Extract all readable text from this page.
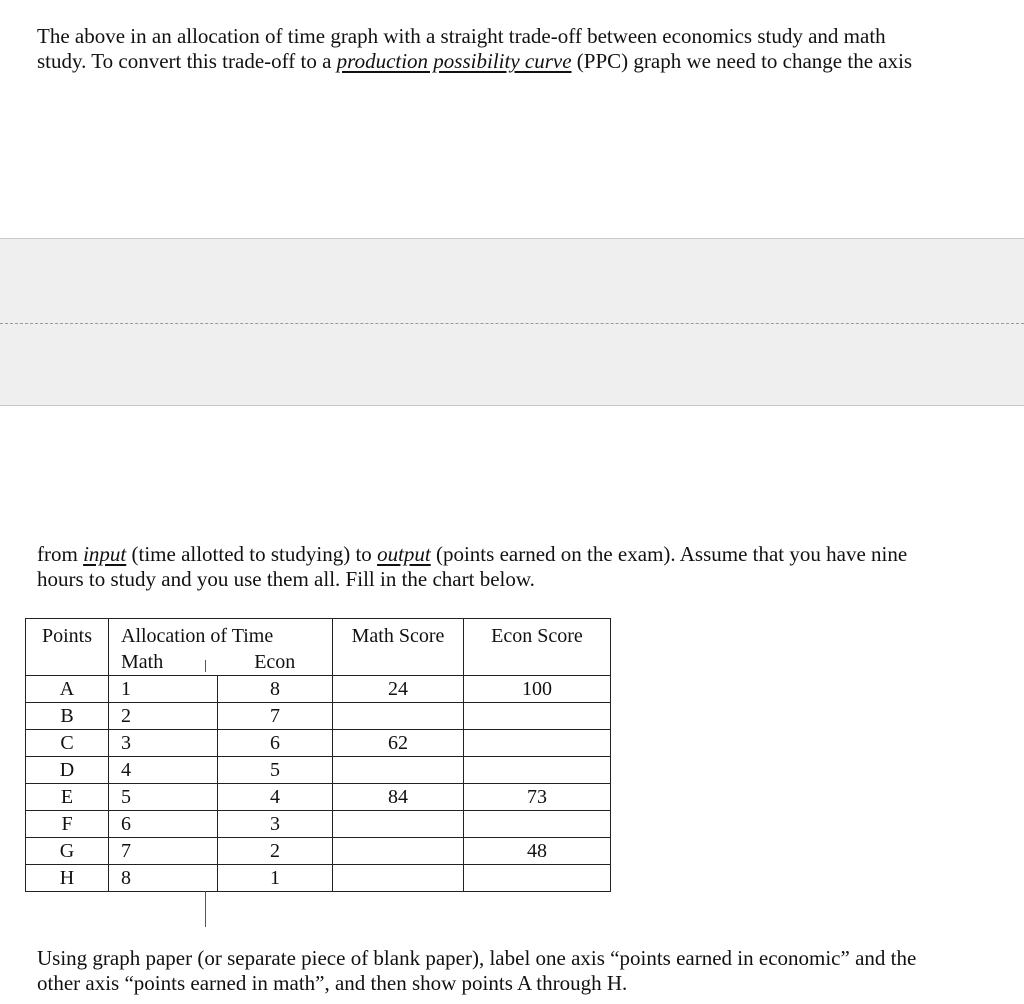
The above in an allocation of time graph with a straight trade-off between economics study and math
study. To convert this trade-off to a production possibility curve (PPC) graph we need to change the axis

from input (time allotted to studying) to output (points earned on the exam). Assume that you have nine
hours to study and you use them all. Fill in the chart below.

Points	Allocation of Time		Math Score	Econ Score
	Math	Econ		
A	1	8	24	100
B	2	7		
C	3	6	62	
D	4	5		
E	5	4	84	73
F	6	3		
G	7	2		48
H	8	1		

Using graph paper (or separate piece of blank paper), label one axis “points earned in economic” and the
other axis “points earned in math”, and then show points A through H.
